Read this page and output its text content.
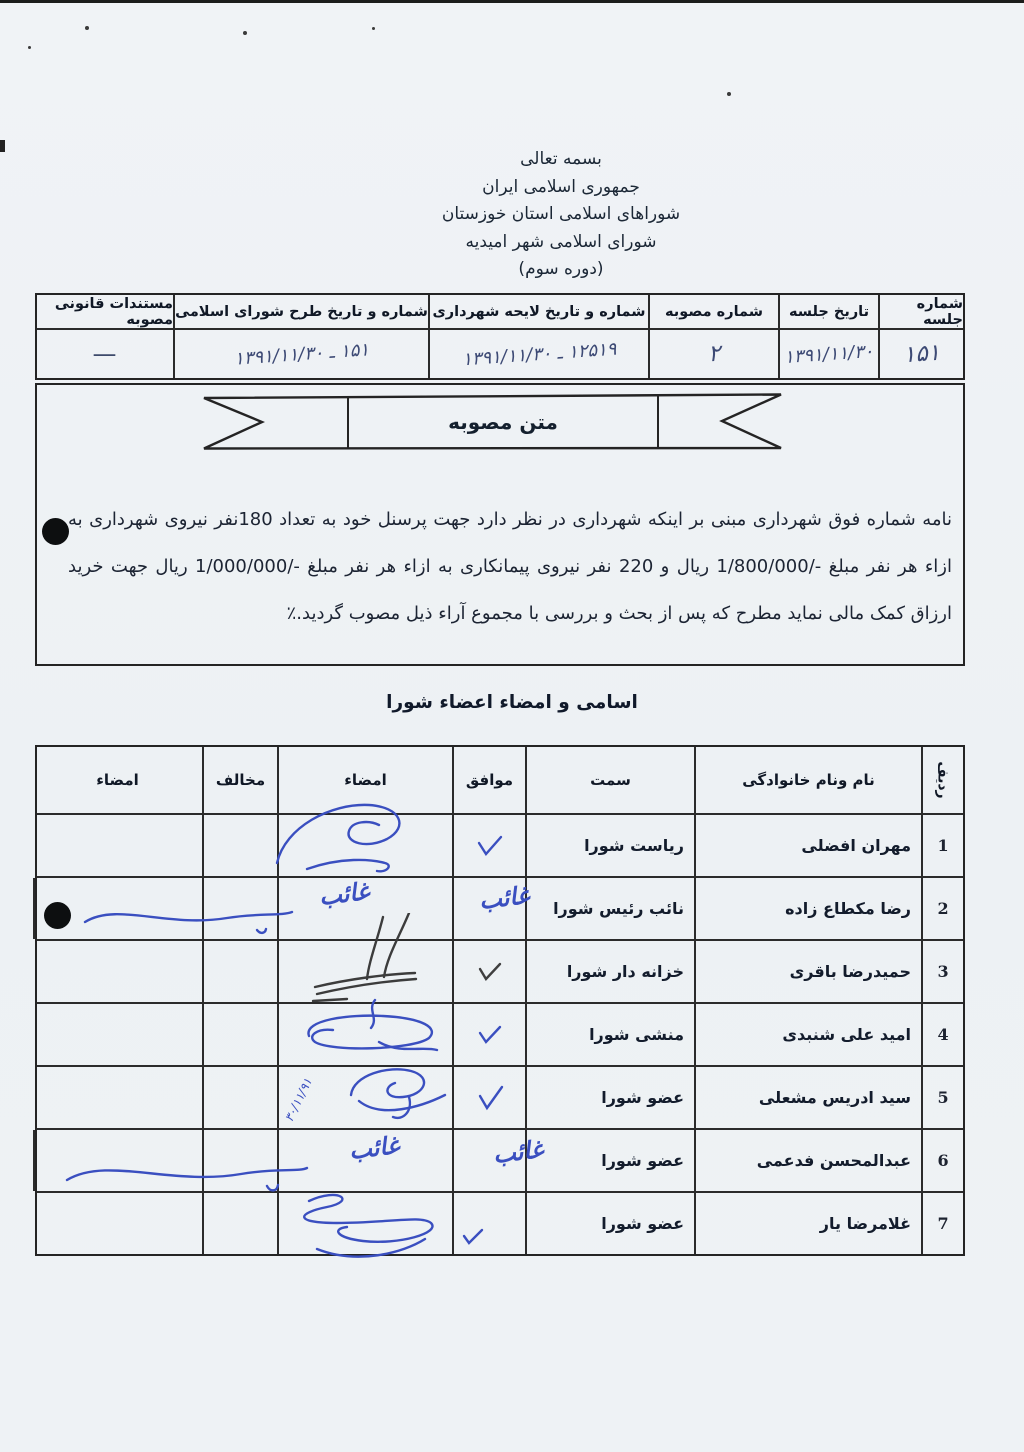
بسمه تعالی
جمهوری اسلامی ایران
شوراهای اسلامی استان خوزستان
شورای اسلامی شهر امیدیه
(دوره سوم)
شماره جلسه
تاریخ جلسه
شماره مصوبه
شماره و تاریخ لایحه شهرداری
شماره و تاریخ طرح شورای اسلامی
مستندات قانونی مصوبه
۱۵۱
۱۳۹۱/۱۱/۳۰
۲
۱۲۵۱۹ ـ ۱۳۹۱/۱۱/۳۰
۱۵۱ ـ ۱۳۹۱/۱۱/۳۰
—
متن مصوبه
نامه شماره فوق شهرداری مبنی بر اینکه شهرداری در نظر دارد جهت پرسنل خود به تعداد 180نفر نیروی شهرداری به ازاء هر نفر مبلغ -/1/800/000 ریال و 220 نفر نیروی پیمانکاری به ازاء هر نفر مبلغ -/1/000/000 ریال جهت خرید ارزاق کمک مالی نماید مطرح که پس از بحث و بررسی با مجموع آراء ذیل مصوب گردید.٪
اسامی و امضاء اعضاء شورا
ردیف
نام ونام خانوادگی
سمت
موافق
امضاء
مخالف
امضاء
1
مهران افضلی
ریاست شورا
2
رضا مکطاع زاده
نائب رئیس شورا
غائب
غائب
3
حمیدرضا باقری
خزانه دار شورا
4
امید علی شنبدی
منشی شورا
5
سید ادریس مشعلی
عضو شورا
۳۰/۱۱/۹۱
6
عبدالمحسن فدعمی
عضو شورا
غائب
غائب
7
غلامرضا یار
عضو شورا
